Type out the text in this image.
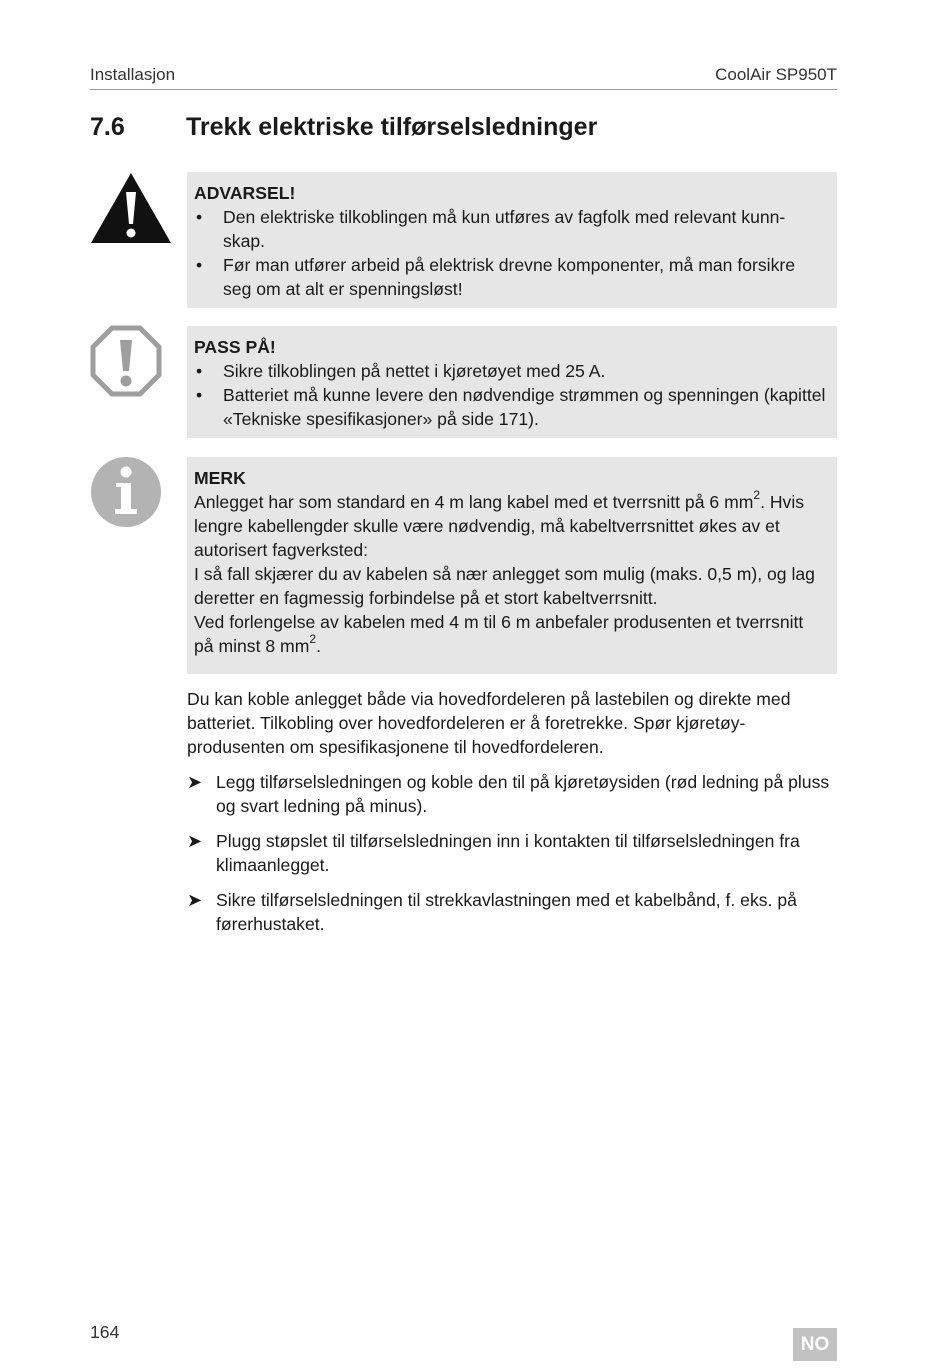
Installasjon	CoolAir SP950T
7.6 Trekk elektriske tilførselsledninger
ADVARSEL!
• Den elektriske tilkoblingen må kun utføres av fagfolk med relevant kunn-skap.
• Før man utfører arbeid på elektrisk drevne komponenter, må man forsikre seg om at alt er spenningsløst!
PASS PÅ!
• Sikre tilkoblingen på nettet i kjøretøyet med 25 A.
• Batteriet må kunne levere den nødvendige strømmen og spenningen (kapittel «Tekniske spesifikasjoner» på side 171).
MERK

Anlegget har som standard en 4 m lang kabel med et tverrsnitt på 6 $mm^2$. Hvis lengre kabellengder skulle være nødvendig, må kabeltverrsnittet økes av et autorisert fagverksted:

I så fall skjærer du av kabelen så nær anlegget som mulig (maks. 0,5 m), og lag deretter en fagmessig forbindelse på et stort kabeltverrsnitt.

Ved forlengelse av kabelen med 4 m til 6 m anbefaler produsenten et tverrsnitt på minst 8 $mm^2$.

Du kan koble anlegget både via hovedfordeleren på lastebilen og direkte med batteriet. Tilkobling over hovedfordeleren er å foretrekke. Spør kjøretøy-produsenten om spesifikasjonene til hovedfordeleren.

➤ Legg tilførselsledningen og koble den til på kjøretøysiden (rød ledning på pluss og svart ledning på minus).
➤ Plugg støpslet til tilførselsledningen inn i kontakten til tilførselsledningen fra klimaanlegget.
➤ Sikre tilførselsledningen til strekkavlastningen med et kabelbånd, f. eks. på førerhustaket.
164
NO
